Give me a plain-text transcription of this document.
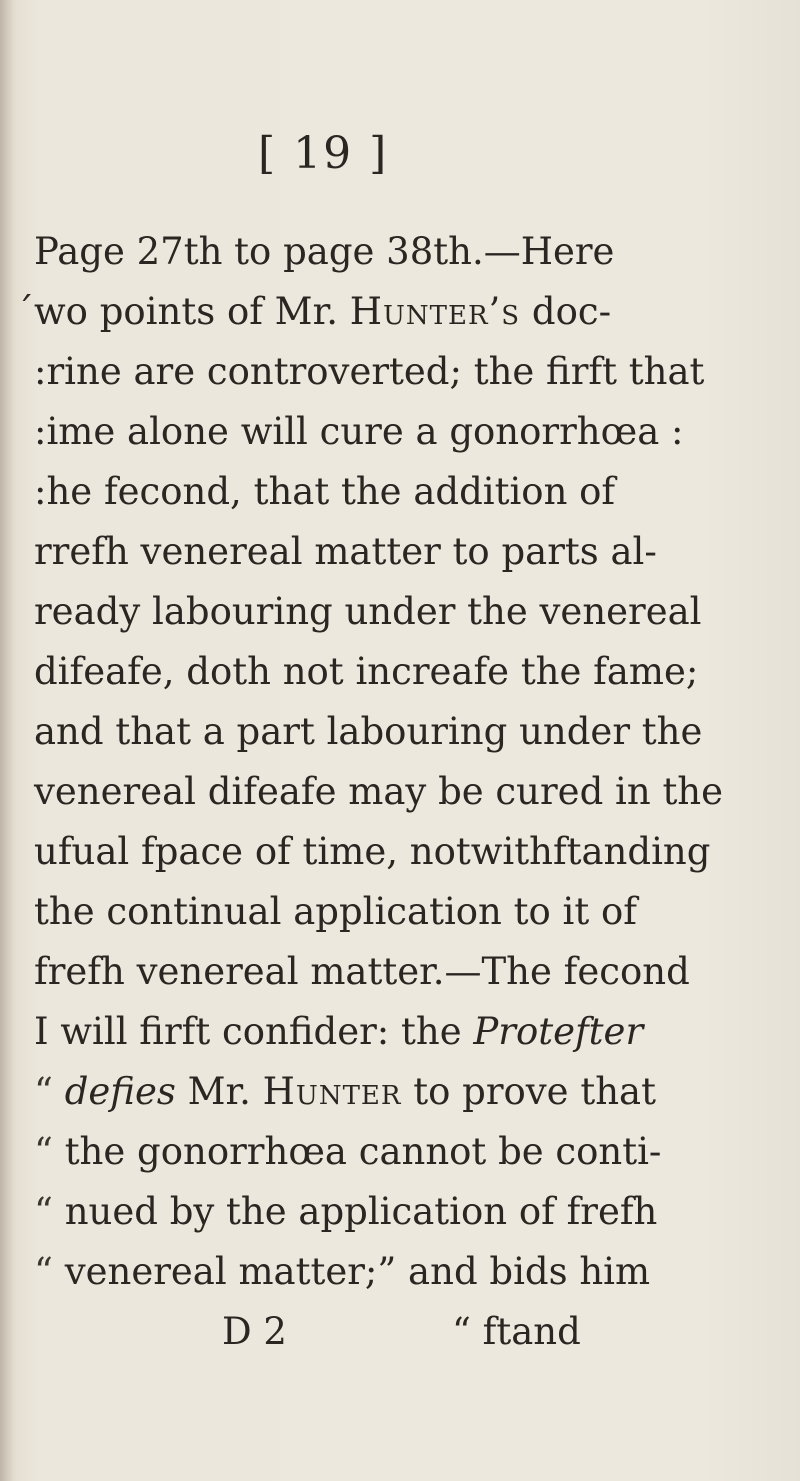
[ 19 ]
Page 27th to page 38th.—Here
́wo points of Mr. Hunter’s doc-
:rine are controverted; the firft that
:ime alone will cure a gonorrhœa :
:he fecond, that the addition of
rrefh venereal matter to parts al-
ready labouring under the venereal
difeafe, doth not increafe the fame;
and that a part labouring under the
venereal difeafe may be cured in the
ufual fpace of time, notwithftanding
the continual application to it of
frefh venereal matter.—The fecond
I will firft confider: the Protefter
“ defies Mr. Hunter to prove that
“ the gonorrhœa cannot be conti-
“ nued by the application of frefh
“ venereal matter;” and bids him
D 2	“ ftand
